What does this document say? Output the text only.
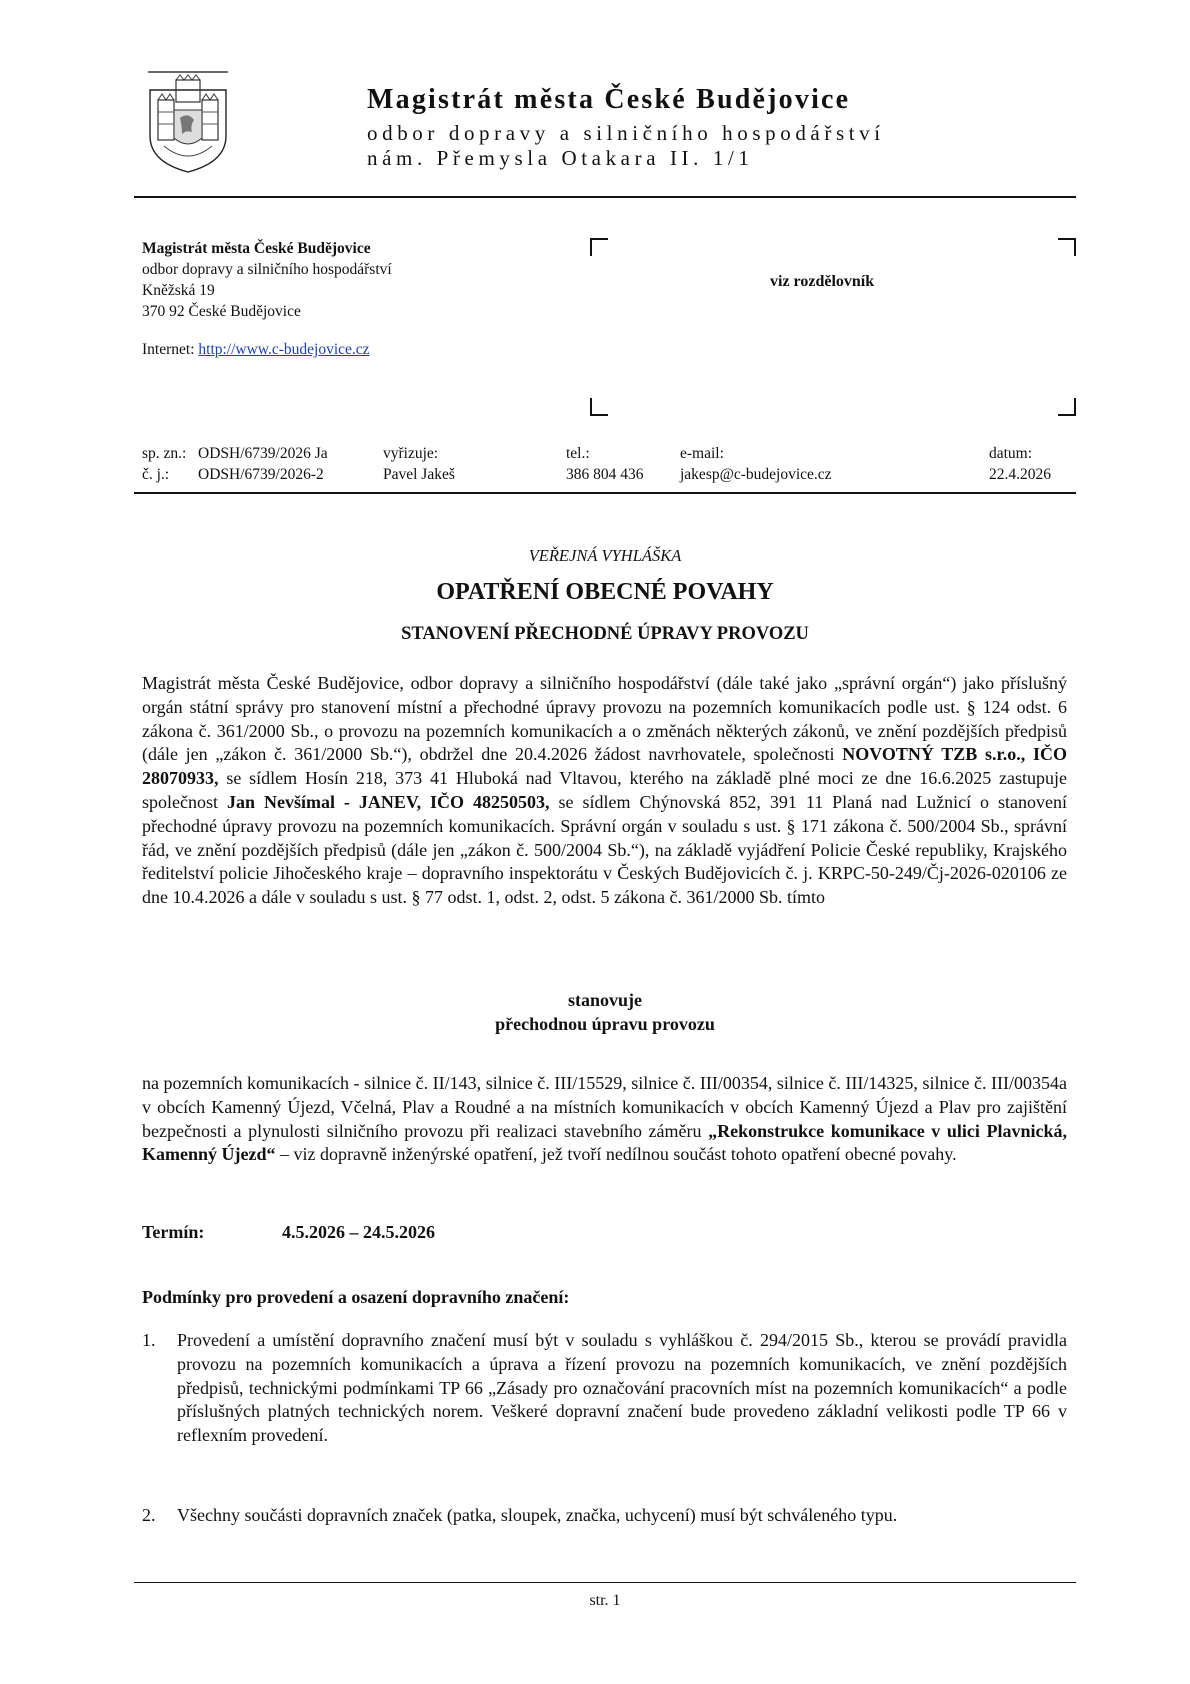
Magistrát města České Budějovice
odbor dopravy a silničního hospodářství
nám. Přemysla Otakara II. 1/1
Magistrát města České Budějovice
odbor dopravy a silničního hospodářství
Kněžská 19
370 92 České Budějovice
Internet: http://www.c-budejovice.cz
viz rozdělovník
sp. zn.:
č. j.:
ODSH/6739/2026 Ja
ODSH/6739/2026-2
vyřizuje:
Pavel Jakeš
tel.:
386 804 436
e-mail:
jakesp@c-budejovice.cz
datum:
22.4.2026
VEŘEJNÁ VYHLÁŠKA
OPATŘENÍ OBECNÉ POVAHY
STANOVENÍ PŘECHODNÉ ÚPRAVY PROVOZU
Magistrát města České Budějovice, odbor dopravy a silničního hospodářství (dále také jako „správní orgán“) jako příslušný orgán státní správy pro stanovení místní a přechodné úpravy provozu na pozemních komunikacích podle ust. § 124 odst. 6 zákona č. 361/2000 Sb., o provozu na pozemních komunikacích a o změnách některých zákonů, ve znění pozdějších předpisů (dále jen „zákon č. 361/2000 Sb.“), obdržel dne 20.4.2026 žádost navrhovatele, společnosti NOVOTNÝ TZB s.r.o., IČO 28070933, se sídlem Hosín 218, 373 41 Hluboká nad Vltavou, kterého na základě plné moci ze dne 16.6.2025 zastupuje společnost Jan Nevšímal - JANEV, IČO 48250503, se sídlem Chýnovská 852, 391 11 Planá nad Lužnicí o stanovení přechodné úpravy provozu na pozemních komunikacích. Správní orgán v souladu s ust. § 171 zákona č. 500/2004 Sb., správní řád, ve znění pozdějších předpisů (dále jen „zákon č. 500/2004 Sb.“), na základě vyjádření Policie České republiky, Krajského ředitelství policie Jihočeského kraje – dopravního inspektorátu v Českých Budějovicích č. j. KRPC-50-249/Čj-2026-020106 ze dne 10.4.2026 a dále v souladu s ust. § 77 odst. 1, odst. 2, odst. 5 zákona č. 361/2000 Sb. tímto
stanovuje
přechodnou úpravu provozu
na pozemních komunikacích - silnice č. II/143, silnice č. III/15529, silnice č. III/00354, silnice č. III/14325, silnice č. III/00354a v obcích Kamenný Újezd, Včelná, Plav a Roudné a na místních komunikacích v obcích Kamenný Újezd a Plav pro zajištění bezpečnosti a plynulosti silničního provozu při realizaci stavebního záměru „Rekonstrukce komunikace v ulici Plavnická, Kamenný Újezd“ – viz dopravně inženýrské opatření, jež tvoří nedílnou součást tohoto opatření obecné povahy.
Termín:	4.5.2026 – 24.5.2026
Podmínky pro provedení a osazení dopravního značení:
1. Provedení a umístění dopravního značení musí být v souladu s vyhláškou č. 294/2015 Sb., kterou se provádí pravidla provozu na pozemních komunikacích a úprava a řízení provozu na pozemních komunikacích, ve znění pozdějších předpisů, technickými podmínkami TP 66 „Zásady pro označování pracovních míst na pozemních komunikacích“ a podle příslušných platných technických norem. Veškeré dopravní značení bude provedeno základní velikosti podle TP 66 v reflexním provedení.
2. Všechny součásti dopravních značek (patka, sloupek, značka, uchycení) musí být schváleného typu.
str. 1
